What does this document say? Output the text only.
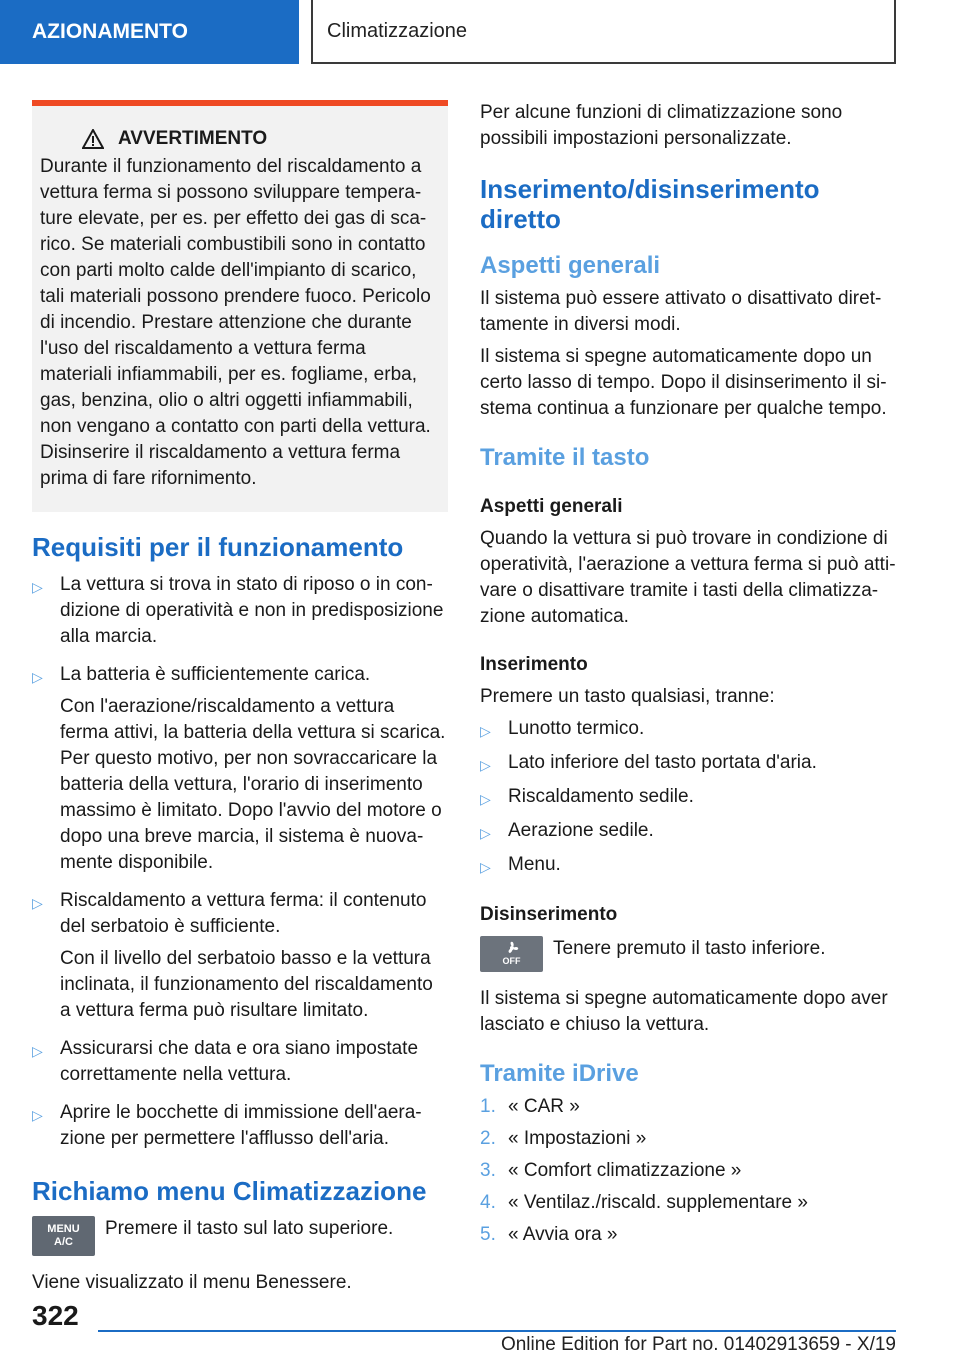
AZIONAMENTO	Climatizzazione
AVVERTIMENTO
Durante il funzionamento del riscaldamento a vettura ferma si possono sviluppare temperature elevate, per es. per effetto dei gas di scarico. Se materiali combustibili sono in contatto con parti molto calde dell'impianto di scarico, tali materiali possono prendere fuoco. Pericolo di incendio. Prestare attenzione che durante l'uso del riscaldamento a vettura ferma materiali infiammabili, per es. fogliame, erba, gas, benzina, olio o altri oggetti infiammabili, non vengano a contatto con parti della vettura. Disinserire il riscaldamento a vettura ferma prima di fare rifornimento.
Requisiti per il funzionamento
▷ La vettura si trova in stato di riposo o in condizione di operatività e non in predisposizione alla marcia.

▷ La batteria è sufficientemente carica.

Con l'aerazione/riscaldamento a vettura ferma attivi, la batteria della vettura si scarica. Per questo motivo, per non sovraccaricare la batteria della vettura, l'orario di inserimento massimo è limitato. Dopo l'avvio del motore o dopo una breve marcia, il sistema è nuovamente disponibile.

▷ Riscaldamento a vettura ferma: il contenuto del serbatoio è sufficiente.

Con il livello del serbatoio basso e la vettura inclinata, il funzionamento del riscaldamento a vettura ferma può risultare limitato.

▷ Assicurarsi che data e ora siano impostate correttamente nella vettura.

▷ Aprire le bocchette di immissione dell'aerazione per permettere l'afflusso dell'aria.

Richiamo menu Climatizzazione
MENU
A/C

Premere il tasto sul lato superiore.

Viene visualizzato il menu Benessere.

Per alcune funzioni di climatizzazione sono possibili impostazioni personalizzate.

Inserimento/disinserimento diretto
Aspetti generali

Il sistema può essere attivato o disattivato direttamente in diversi modi.

Il sistema si spegne automaticamente dopo un certo lasso di tempo. Dopo il disinserimento il sistema continua a funzionare per qualche tempo.

Tramite il tasto
Aspetti generali

Quando la vettura si può trovare in condizione di operatività, l'aerazione a vettura ferma si può attivare o disattivare tramite i tasti della climatizzazione automatica.

Inserimento

Premere un tasto qualsiasi, tranne:

▷ Lunotto termico.
▷ Lato inferiore del tasto portata d'aria.
▷ Riscaldamento sedile.
▷ Aerazione sedile.
▷ Menu.
Disinserimento
OFF

Tenere premuto il tasto inferiore.

Il sistema si spegne automaticamente dopo aver lasciato e chiuso la vettura.

Tramite iDrive
1. « CAR »
2. « Impostazioni »
3. « Comfort climatizzazione »
4. « Ventilaz./riscald. supplementare »
5. « Avvia ora »
322
Online Edition for Part no. 01402913659 - X/19
